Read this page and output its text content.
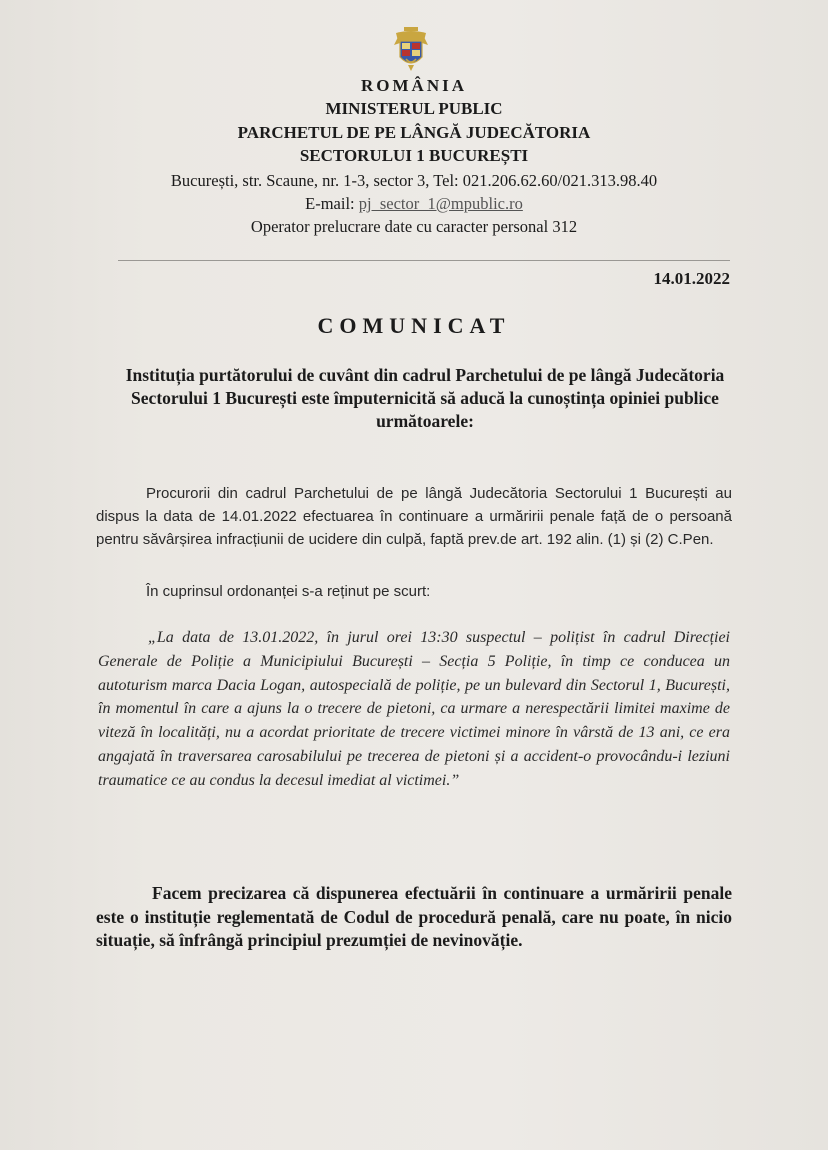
ROMÂNIA
MINISTERUL PUBLIC
PARCHETUL DE PE LÂNGĂ JUDECĂTORIA
SECTORULUI 1 BUCUREȘTI
București, str. Scaune, nr. 1-3, sector 3, Tel: 021.206.62.60/021.313.98.40
E-mail: pj_sector_1@mpublic.ro
Operator prelucrare date cu caracter personal 312
14.01.2022
COMUNICAT
Instituția purtătorului de cuvânt din cadrul Parchetului de pe lângă Judecătoria Sectorului 1 București este împuternicită să aducă la cunoștința opiniei publice următoarele:
Procurorii din cadrul Parchetului de pe lângă Judecătoria Sectorului 1 București au dispus la data de 14.01.2022 efectuarea în continuare a urmăririi penale față de o persoană pentru săvârșirea infracțiunii de ucidere din culpă, faptă prev.de art. 192 alin. (1) și (2) C.Pen.
În cuprinsul ordonanței s-a reținut pe scurt:
„La data de 13.01.2022, în jurul orei 13:30 suspectul – polițist în cadrul Direcției Generale de Poliție a Municipiului București – Secția 5 Poliție, în timp ce conducea un autoturism marca Dacia Logan, autospecială de poliție, pe un bulevard din Sectorul 1, București, în momentul în care a ajuns la o trecere de pietoni, ca urmare a nerespectării limitei maxime de viteză în localități, nu a acordat prioritate de trecere victimei minore în vârstă de 13 ani, ce era angajată în traversarea carosabilului pe trecerea de pietoni și a accident-o provocându-i leziuni traumatice ce au condus la decesul imediat al victimei.”
Facem precizarea că dispunerea efectuării în continuare a urmăririi penale este o instituție reglementată de Codul de procedură penală, care nu poate, în nicio situație, să înfrângă principiul prezumției de nevinovăție.
